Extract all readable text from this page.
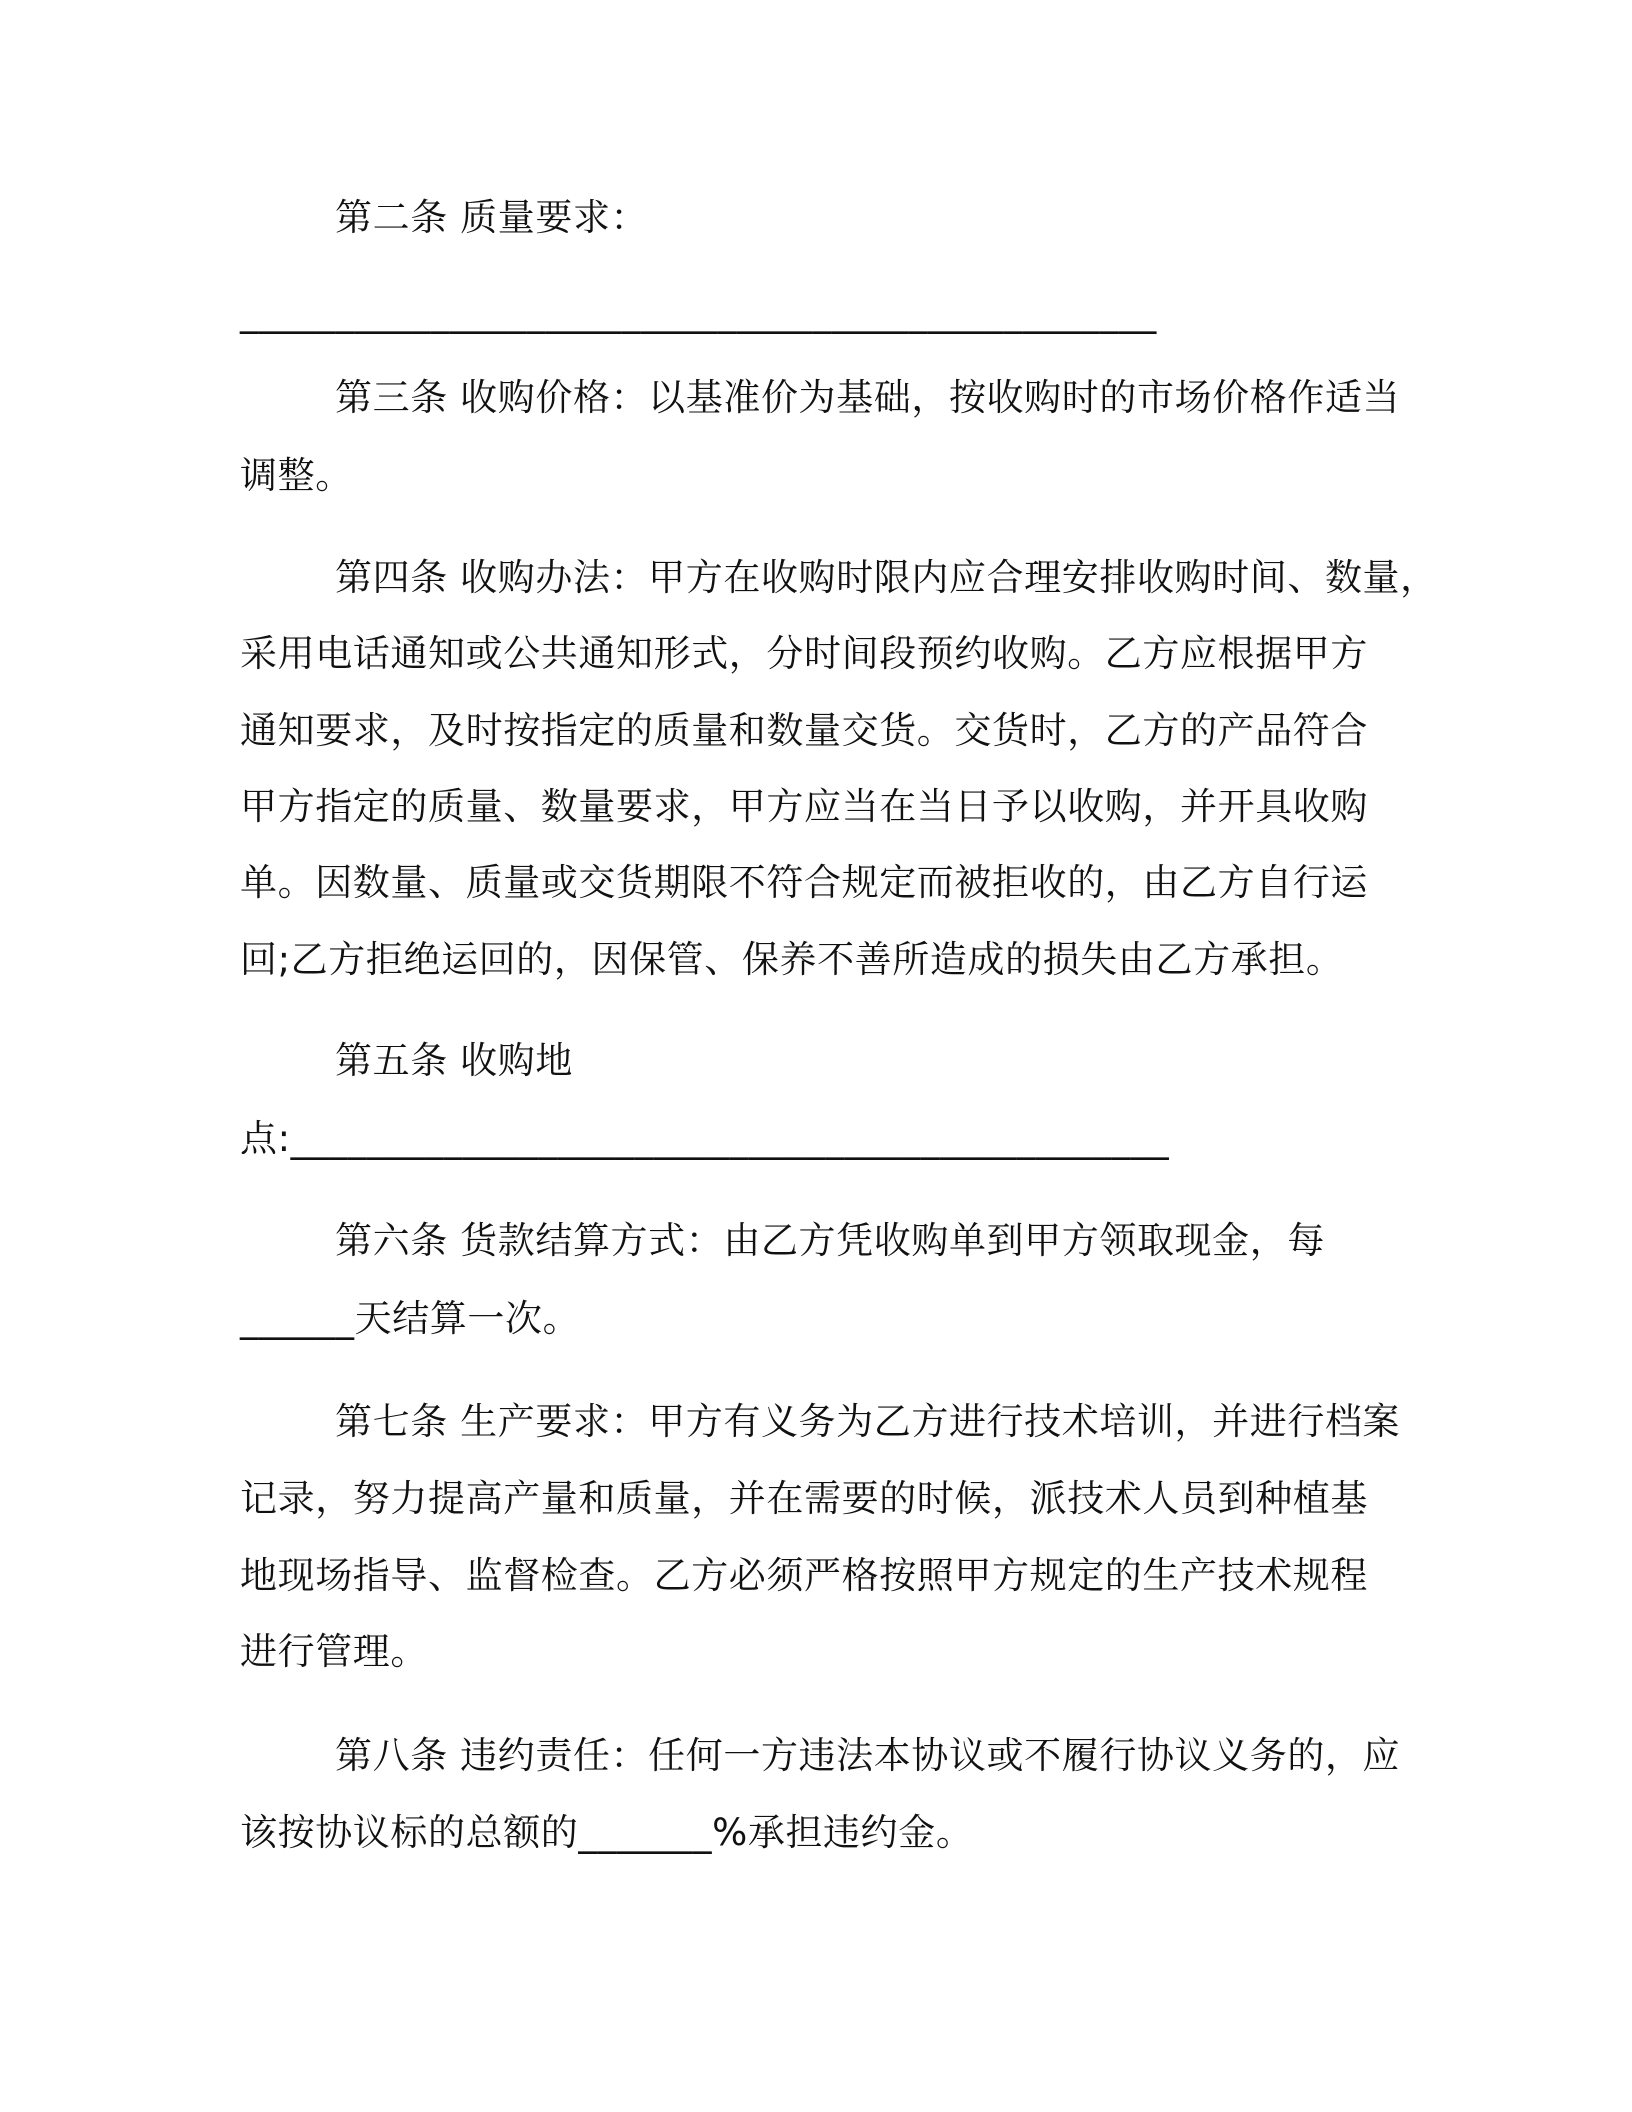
第二条 质量要求：
________________________________________________
第三条 收购价格：以基准价为基础，按收购时的市场价格作适当
调整。
第四条 收购办法：甲方在收购时限内应合理安排收购时间、数量，
采用电话通知或公共通知形式，分时间段预约收购。乙方应根据甲方
通知要求，及时按指定的质量和数量交货。交货时，乙方的产品符合
甲方指定的质量、数量要求，甲方应当在当日予以收购，并开具收购
单。因数量、质量或交货期限不符合规定而被拒收的，由乙方自行运
回;乙方拒绝运回的，因保管、保养不善所造成的损失由乙方承担。
第五条 收购地
点:______________________________________________
第六条 货款结算方式：由乙方凭收购单到甲方领取现金，每
______天结算一次。
第七条 生产要求：甲方有义务为乙方进行技术培训，并进行档案
记录，努力提高产量和质量，并在需要的时候，派技术人员到种植基
地现场指导、监督检查。乙方必须严格按照甲方规定的生产技术规程
进行管理。
第八条 违约责任：任何一方违法本协议或不履行协议义务的，应
该按协议标的总额的_______%承担违约金。
